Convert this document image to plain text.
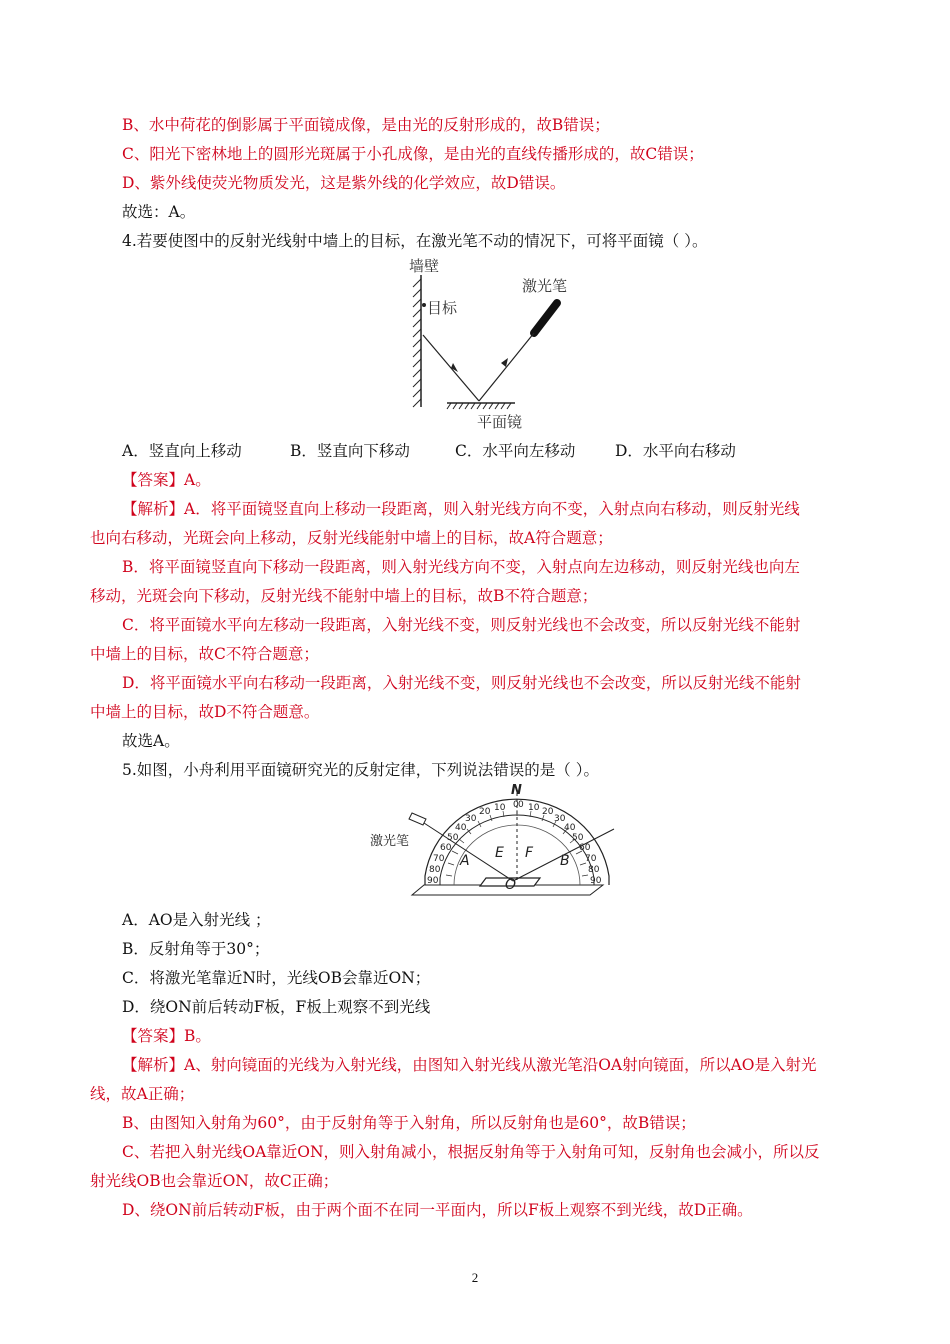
B、水中荷花的倒影属于平面镜成像，是由光的反射形成的，故B错误；
C、阳光下密林地上的圆形光斑属于小孔成像，是由光的直线传播形成的，故C错误；
D、紫外线使荧光物质发光，这是紫外线的化学效应，故D错误。
故选：A。
4.若要使图中的反射光线射中墙上的目标，在激光笔不动的情况下，可将平面镜（ ）。
墙壁
目标
平面镜
激光笔
A．竖直向上移动	B．竖直向下移动	C．水平向左移动	D．水平向右移动
【答案】A。
【解析】A．将平面镜竖直向上移动一段距离，则入射光线方向不变，入射点向右移动，则反射光线
也向右移动，光斑会向上移动，反射光线能射中墙上的目标，故A符合题意；
B．将平面镜竖直向下移动一段距离，则入射光线方向不变，入射点向左边移动，则反射光线也向左
移动，光斑会向下移动，反射光线不能射中墙上的目标，故B不符合题意；
C．将平面镜水平向左移动一段距离，入射光线不变，则反射光线也不会改变，所以反射光线不能射
中墙上的目标，故C不符合题意；
D．将平面镜水平向右移动一段距离，入射光线不变，则反射光线也不会改变，所以反射光线不能射
中墙上的目标，故D不符合题意。
故选A。
5.如图，小舟利用平面镜研究光的反射定律，下列说法错误的是（ ）。
N
0
10
20
30
40
50
60
70
80
90
0 10 20
30
40
50
60
70
80
90
激光笔
A	B
E F
O
A．AO是入射光线 ；
B．反射角等于30°；
C．将激光笔靠近N时，光线OB会靠近ON；
D．绕ON前后转动F板，F板上观察不到光线
【答案】B。
【解析】A、射向镜面的光线为入射光线，由图知入射光线从激光笔沿OA射向镜面，所以AO是入射光
线，故A正确；
B、由图知入射角为60°，由于反射角等于入射角，所以反射角也是60°，故B错误；
C、若把入射光线OA靠近ON，则入射角减小，根据反射角等于入射角可知，反射角也会减小，所以反
射光线OB也会靠近ON，故C正确；
D、绕ON前后转动F板，由于两个面不在同一平面内，所以F板上观察不到光线，故D正确。
2
